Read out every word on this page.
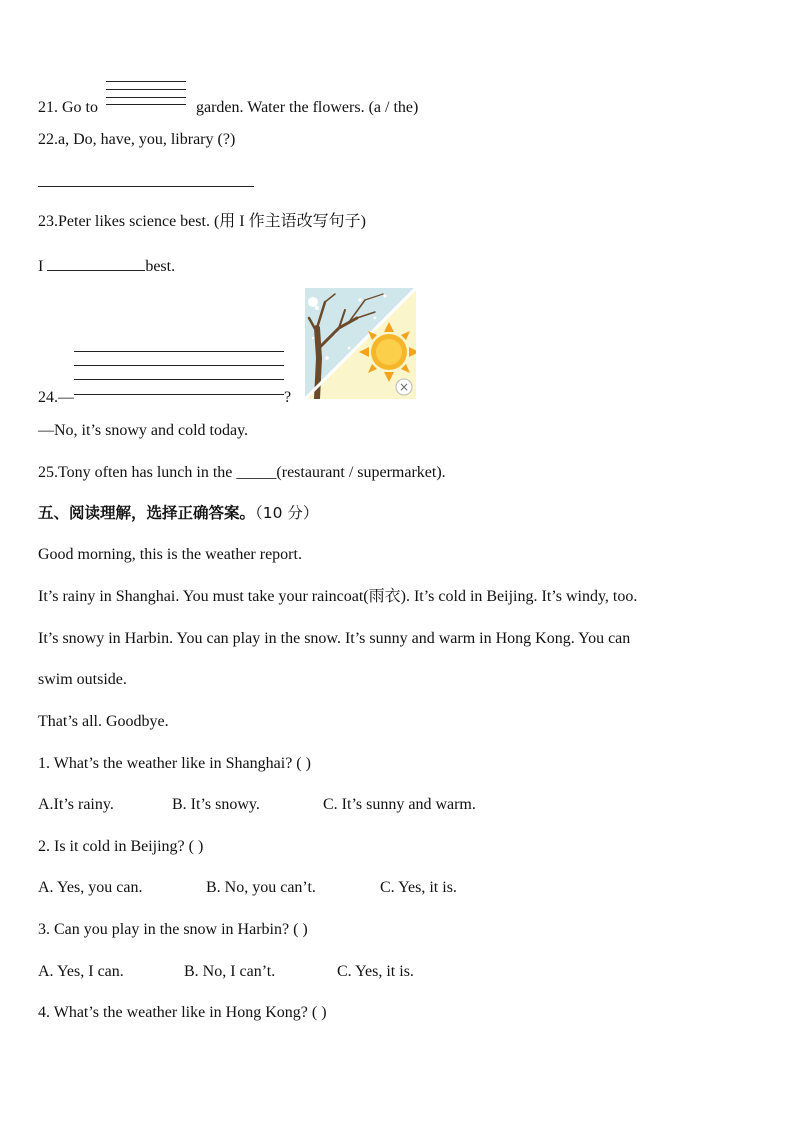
21. Go to	garden. Water the flowers. (a / the)
22.a, Do, have, you, library (?)
23.Peter likes science best. (用 I 作主语改写句子)
I	best.
24.—	?
×
—No, it’s snowy and cold today.
25.Tony often has lunch in the _____(restaurant / supermarket).
五、阅读理解，选择正确答案。（10 分）
Good morning, this is the weather report.
It’s rainy in Shanghai. You must take your raincoat(雨衣). It’s cold in Beijing. It’s windy, too.
It’s snowy in Harbin. You can play in the snow. It’s sunny and warm in Hong Kong. You can
swim outside.
That’s all. Goodbye.
1. What’s the weather like in Shanghai? ( )
A.It’s rainy.	B. It’s snowy.	C. It’s sunny and warm.
2. Is it cold in Beijing? ( )
A. Yes, you can.	B. No, you can’t.	C. Yes, it is.
3. Can you play in the snow in Harbin? ( )
A. Yes, I can.	B. No, I can’t.	C. Yes, it is.
4. What’s the weather like in Hong Kong? ( )
